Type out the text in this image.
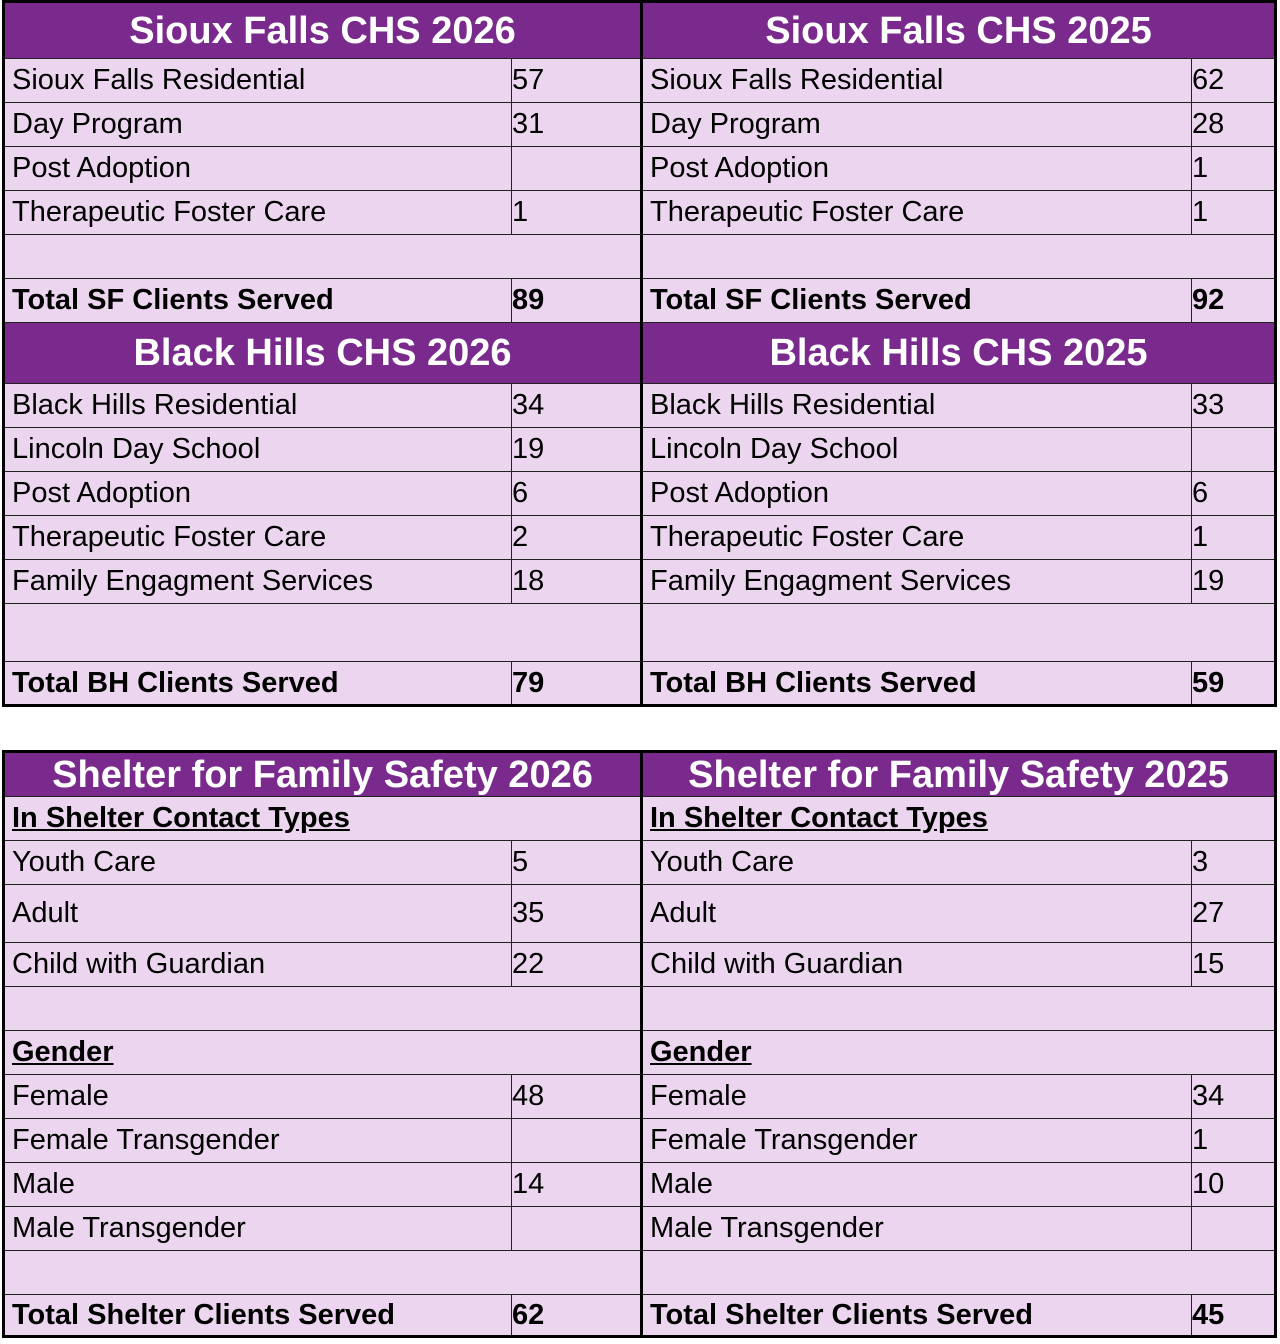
Sioux Falls CHS 2026		Sioux Falls CHS 2025	
Sioux Falls Residential	57	Sioux Falls Residential	62
Day Program	31	Day Program	28
Post Adoption		Post Adoption	1
Therapeutic Foster Care	1	Therapeutic Foster Care	1

Total SF Clients Served	89	Total SF Clients Served	92
Black Hills CHS 2026		Black Hills CHS 2025	
Black Hills Residential	34	Black Hills Residential	33
Lincoln Day School	19	Lincoln Day School	
Post Adoption	6	Post Adoption	6
Therapeutic Foster Care	2	Therapeutic Foster Care	1
Family Engagment Services	18	Family Engagment Services	19

Total BH Clients Served	79	Total BH Clients Served	59
Shelter for Family Safety 2026		Shelter for Family Safety 2025	
In Shelter Contact Types		In Shelter Contact Types	
Youth Care	5	Youth Care	3
Adult	35	Adult	27
Child with Guardian	22	Child with Guardian	15

Gender		Gender	
Female	48	Female	34
Female Transgender		Female Transgender	1
Male	14	Male	10
Male Transgender		Male Transgender	

Total Shelter Clients Served	62	Total Shelter Clients Served	45
